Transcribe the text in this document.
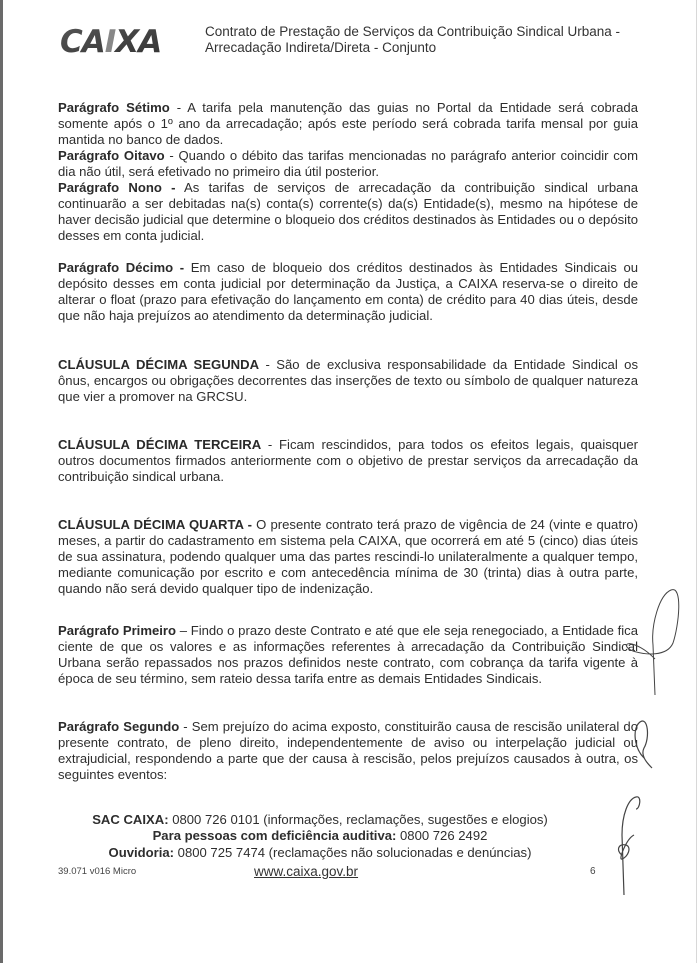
CAIXA	Contrato de Prestação de Serviços da Contribuição Sindical Urbana - Arrecadação Indireta/Direta - Conjunto
Parágrafo Sétimo - A tarifa pela manutenção das guias no Portal da Entidade será cobrada somente após o 1º ano da arrecadação; após este período será cobrada tarifa mensal por guia mantida no banco de dados.
Parágrafo Oitavo - Quando o débito das tarifas mencionadas no parágrafo anterior coincidir com dia não útil, será efetivado no primeiro dia útil posterior.
Parágrafo Nono - As tarifas de serviços de arrecadação da contribuição sindical urbana continuarão a ser debitadas na(s) conta(s) corrente(s) da(s) Entidade(s), mesmo na hipótese de haver decisão judicial que determine o bloqueio dos créditos destinados às Entidades ou o depósito desses em conta judicial.
Parágrafo Décimo - Em caso de bloqueio dos créditos destinados às Entidades Sindicais ou depósito desses em conta judicial por determinação da Justiça, a CAIXA reserva-se o direito de alterar o float (prazo para efetivação do lançamento em conta) de crédito para 40 dias úteis, desde que não haja prejuízos ao atendimento da determinação judicial.
CLÁUSULA DÉCIMA SEGUNDA - São de exclusiva responsabilidade da Entidade Sindical os ônus, encargos ou obrigações decorrentes das inserções de texto ou símbolo de qualquer natureza que vier a promover na GRCSU.
CLÁUSULA DÉCIMA TERCEIRA - Ficam rescindidos, para todos os efeitos legais, quaisquer outros documentos firmados anteriormente com o objetivo de prestar serviços da arrecadação da contribuição sindical urbana.
CLÁUSULA DÉCIMA QUARTA - O presente contrato terá prazo de vigência de 24 (vinte e quatro) meses, a partir do cadastramento em sistema pela CAIXA, que ocorrerá em até 5 (cinco) dias úteis de sua assinatura, podendo qualquer uma das partes rescindi-lo unilateralmente a qualquer tempo, mediante comunicação por escrito e com antecedência mínima de 30 (trinta) dias à outra parte, quando não será devido qualquer tipo de indenização.
Parágrafo Primeiro – Findo o prazo deste Contrato e até que ele seja renegociado, a Entidade fica ciente de que os valores e as informações referentes à arrecadação da Contribuição Sindical Urbana serão repassados nos prazos definidos neste contrato, com cobrança da tarifa vigente à época de seu término, sem rateio dessa tarifa entre as demais Entidades Sindicais.
Parágrafo Segundo - Sem prejuízo do acima exposto, constituirão causa de rescisão unilateral do presente contrato, de pleno direito, independentemente de aviso ou interpelação judicial ou extrajudicial, respondendo a parte que der causa à rescisão, pelos prejuízos causados à outra, os seguintes eventos:
SAC CAIXA: 0800 726 0101 (informações, reclamações, sugestões e elogios)
Para pessoas com deficiência auditiva: 0800 726 2492
Ouvidoria: 0800 725 7474 (reclamações não solucionadas e denúncias)
39.071 v016 Micro	www.caixa.gov.br	6
